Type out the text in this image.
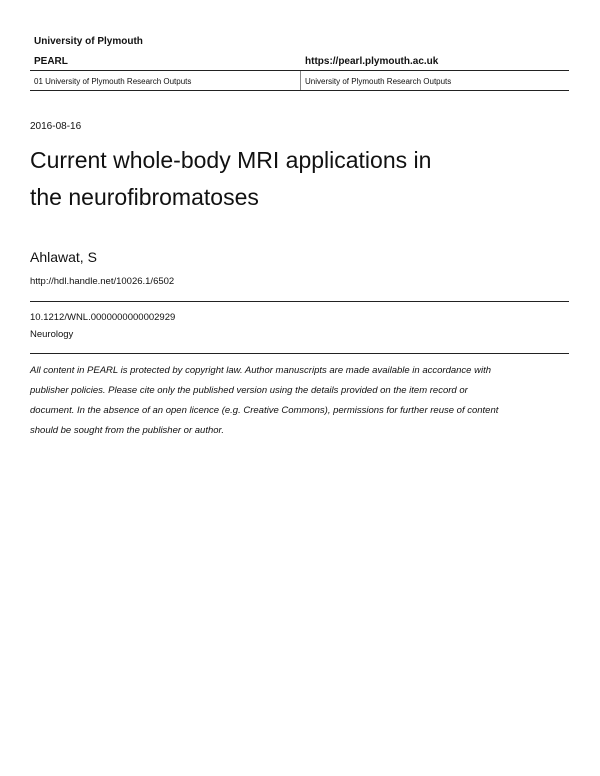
University of Plymouth
PEARL	https://pearl.plymouth.ac.uk
01 University of Plymouth Research Outputs	University of Plymouth Research Outputs
2016-08-16
Current whole-body MRI applications in
the neurofibromatoses
Ahlawat, S
http://hdl.handle.net/10026.1/6502
10.1212/WNL.0000000000002929
Neurology
All content in PEARL is protected by copyright law. Author manuscripts are made available in accordance with
publisher policies. Please cite only the published version using the details provided on the item record or
document. In the absence of an open licence (e.g. Creative Commons), permissions for further reuse of content
should be sought from the publisher or author.
